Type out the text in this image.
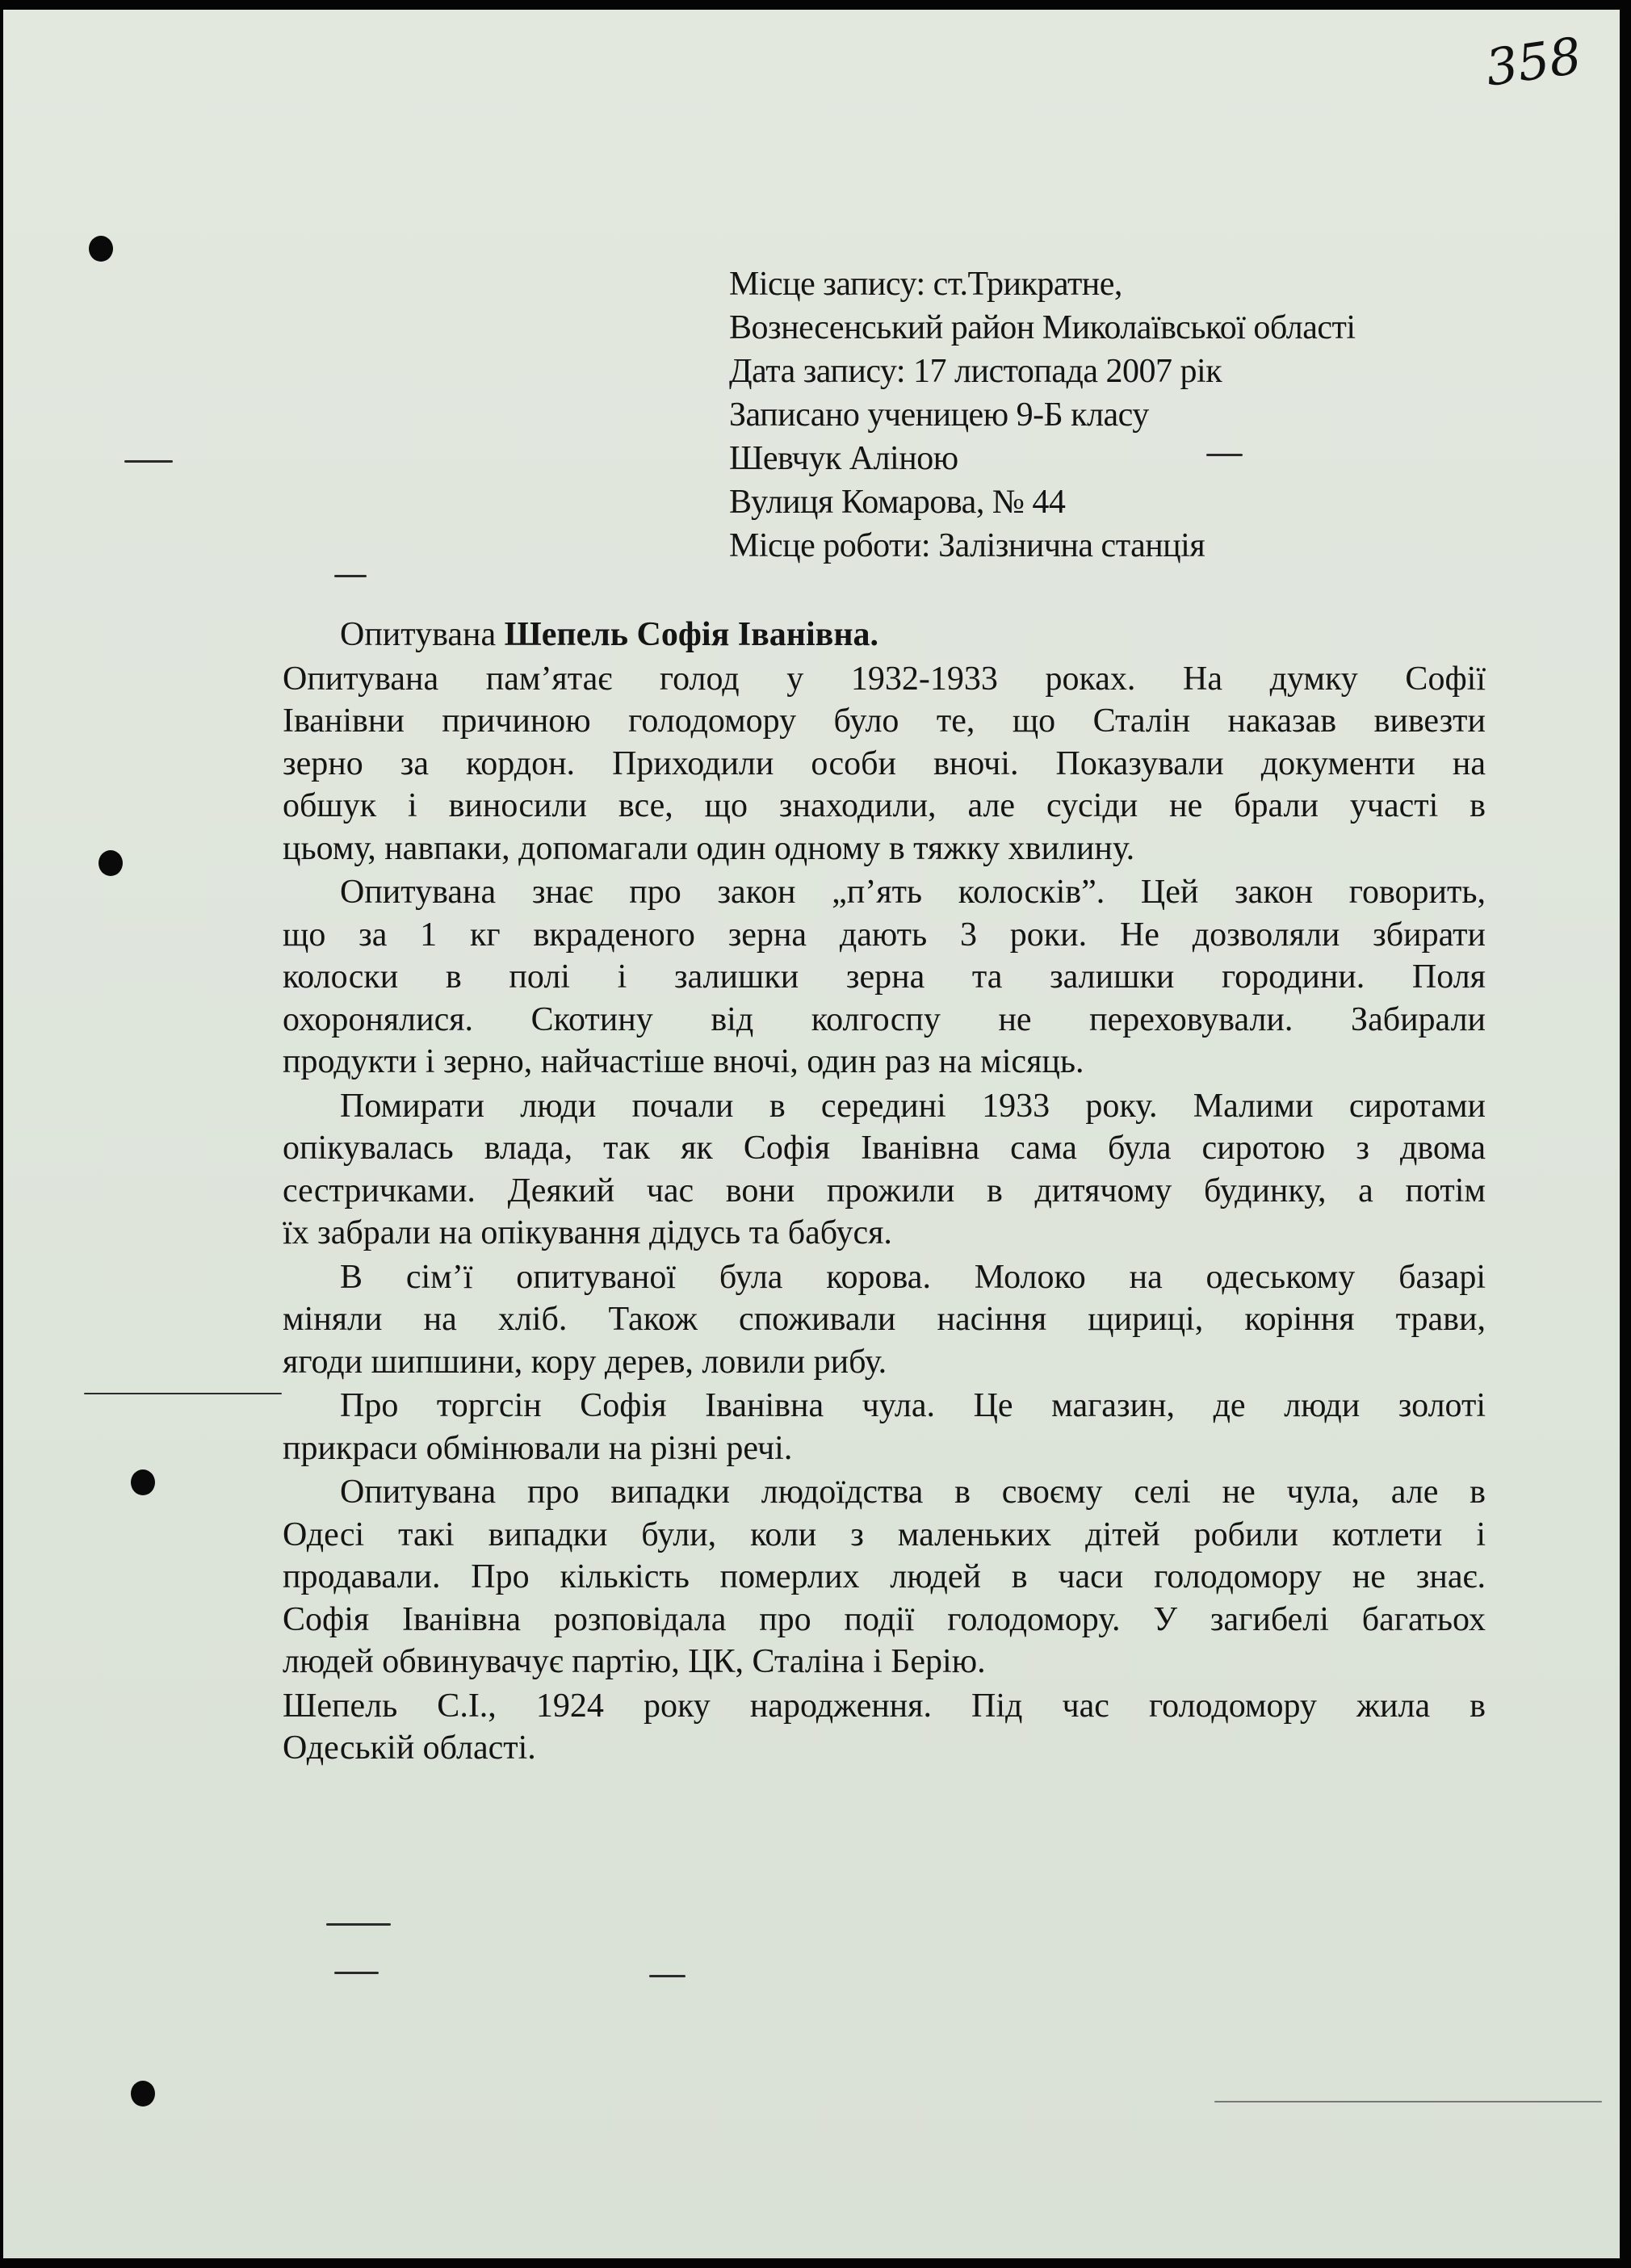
358
Місце запису: ст.Трикратне,
Вознесенський район Миколаївської області
Дата запису: 17 листопада 2007 рік
Записано ученицею 9-Б класу
Шевчук Аліною
Вулиця Комарова, № 44
Місце роботи: Залізнична станція
Опитувана Шепель Софія Іванівна.
Опитувана пам’ятає голод у 1932-1933 роках. На думку Софії
Іванівни причиною голодомору було те, що Сталін наказав вивезти
зерно за кордон. Приходили особи вночі. Показували документи на
обшук і виносили все, що знаходили, але сусіди не брали участі в
цьому, навпаки, допомагали один одному в тяжку хвилину.
Опитувана знає про закон „п’ять колосків”. Цей закон говорить,
що за 1 кг вкраденого зерна дають 3 роки. Не дозволяли збирати
колоски в полі і залишки зерна та залишки городини. Поля
охоронялися. Скотину від колгоспу не переховували. Забирали
продукти і зерно, найчастіше вночі, один раз на місяць.
Помирати люди почали в середині 1933 року. Малими сиротами
опікувалась влада, так як Софія Іванівна сама була сиротою з двома
сестричками. Деякий час вони прожили в дитячому будинку, а потім
їх забрали на опікування дідусь та бабуся.
В сім’ї опитуваної була корова. Молоко на одеському базарі
міняли на хліб. Також споживали насіння щириці, коріння трави,
ягоди шипшини, кору дерев, ловили рибу.
Про торгсін Софія Іванівна чула. Це магазин, де люди золоті
прикраси обмінювали на різні речі.
Опитувана про випадки людоїдства в своєму селі не чула, але в
Одесі такі випадки були, коли з маленьких дітей робили котлети і
продавали. Про кількість померлих людей в часи голодомору не знає.
Софія Іванівна розповідала про події голодомору. У загибелі багатьох
людей обвинувачує партію, ЦК, Сталіна і Берію.
Шепель С.І., 1924 року народження. Під час голодомору жила в
Одеській області.
